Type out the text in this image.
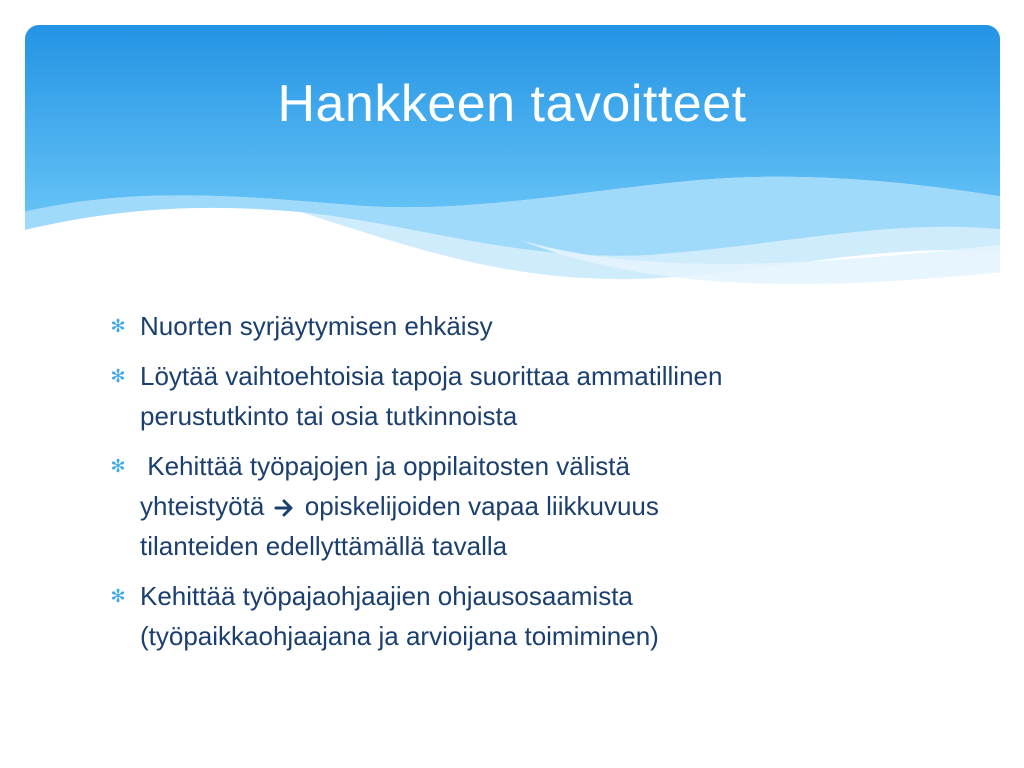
Hankkeen tavoitteet
✻ Nuorten syrjäytymisen ehkäisy
✻ Löytää vaihtoehtoisia tapoja suorittaa ammatillinen
perustutkinto tai osia tutkinnoista
✻ Kehittää työpajojen ja oppilaitosten välistä
yhteistyötä opiskelijoiden vapaa liikkuvuus
tilanteiden edellyttämällä tavalla
✻ Kehittää työpajaohjaajien ohjausosaamista
(työpaikkaohjaajana ja arvioijana toimiminen)
